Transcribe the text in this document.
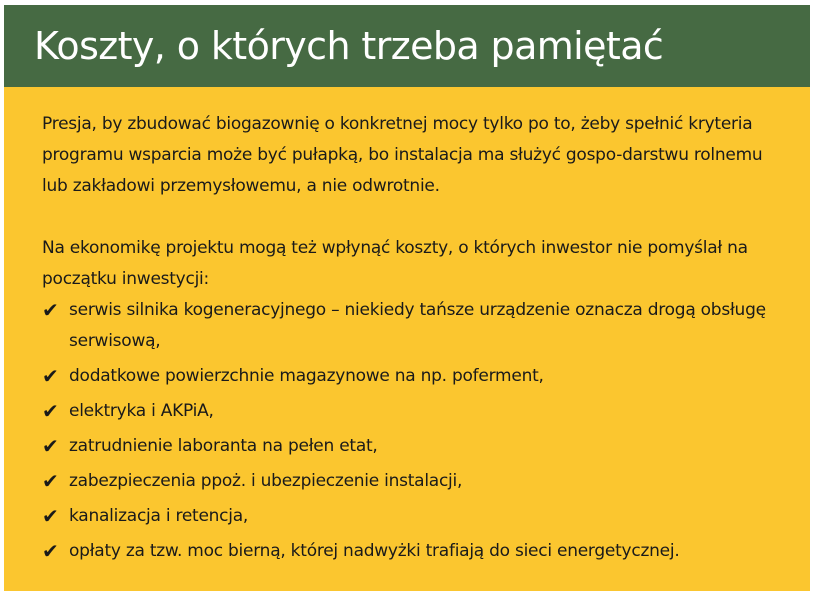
Koszty, o których trzeba pamiętać

Presja, by zbudować biogazownię o konkretnej mocy tylko po to, żeby spełnić kryteria programu wsparcia może być pułapką, bo instalacja ma służyć gospo-darstwu rolnemu lub zakładowi przemysłowemu, a nie odwrotnie.

Na ekonomikę projektu mogą też wpłynąć koszty, o których inwestor nie pomyślał na początku inwestycji:

✔ serwis silnika kogeneracyjnego – niekiedy tańsze urządzenie oznacza drogą obsługę serwisową,
✔ dodatkowe powierzchnie magazynowe na np. poferment,
✔ elektryka i AKPiA,
✔ zatrudnienie laboranta na pełen etat,
✔ zabezpieczenia ppoż. i ubezpieczenie instalacji,
✔ kanalizacja i retencja,
✔ opłaty za tzw. moc bierną, której nadwyżki trafiają do sieci energetycznej.
